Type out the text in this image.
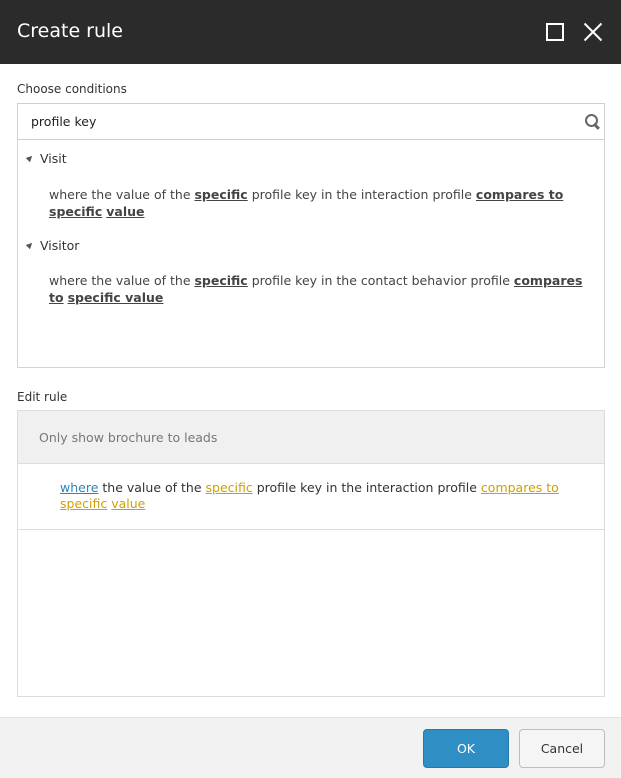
Create rule
Choose conditions
profile key
Visit
where the value of the specific profile key in the interaction profile compares to specific value
Visitor
where the value of the specific profile key in the contact behavior profile compares to specific value
Edit rule
Only show brochure to leads
where the value of the specific profile key in the interaction profile compares to specific value
OK	Cancel
